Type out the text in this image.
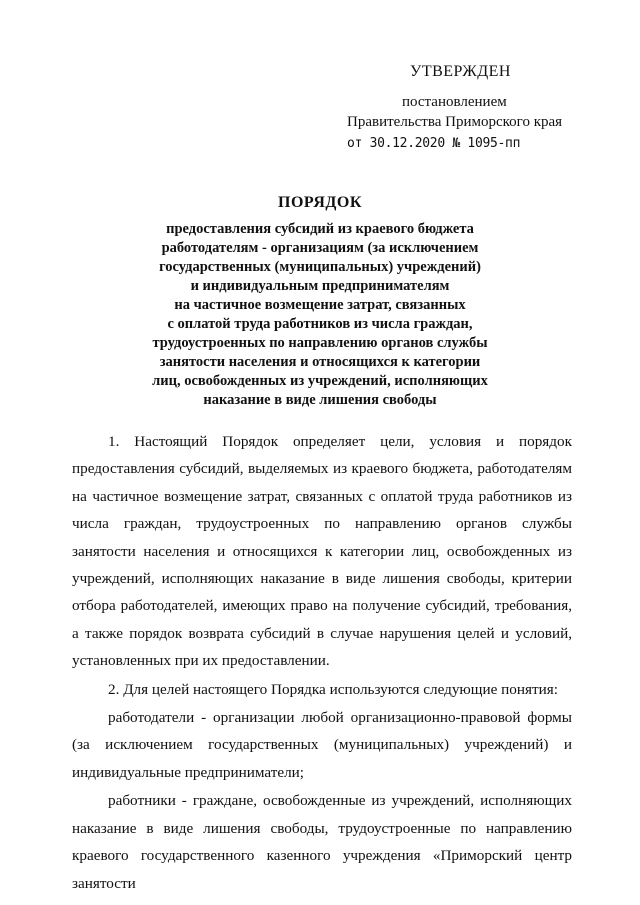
УТВЕРЖДЕН
постановлением
Правительства Приморского края
от 30.12.2020 № 1095-пп
ПОРЯДОК
предоставления субсидий из краевого бюджета
работодателям - организациям (за исключением
государственных (муниципальных) учреждений)
и индивидуальным предпринимателям
на частичное возмещение затрат, связанных
с оплатой труда работников из числа граждан,
трудоустроенных по направлению органов службы
занятости населения и относящихся к категории
лиц, освобожденных из учреждений, исполняющих
наказание в виде лишения свободы

1. Настоящий Порядок определяет цели, условия и порядок предоставления субсидий, выделяемых из краевого бюджета, работодателям на частичное возмещение затрат, связанных с оплатой труда работников из числа граждан, трудоустроенных по направлению органов службы занятости населения и относящихся к категории лиц, освобожденных из учреждений, исполняющих наказание в виде лишения свободы, критерии отбора работодателей, имеющих право на получение субсидий, требования, а также порядок возврата субсидий в случае нарушения целей и условий, установленных при их предоставлении.

2. Для целей настоящего Порядка используются следующие понятия:

работодатели - организации любой организационно-правовой формы (за исключением государственных (муниципальных) учреждений) и индивидуальные предприниматели;

работники - граждане, освобожденные из учреждений, исполняющих наказание в виде лишения свободы, трудоустроенные по направлению краевого государственного казенного учреждения «Приморский центр занятости
